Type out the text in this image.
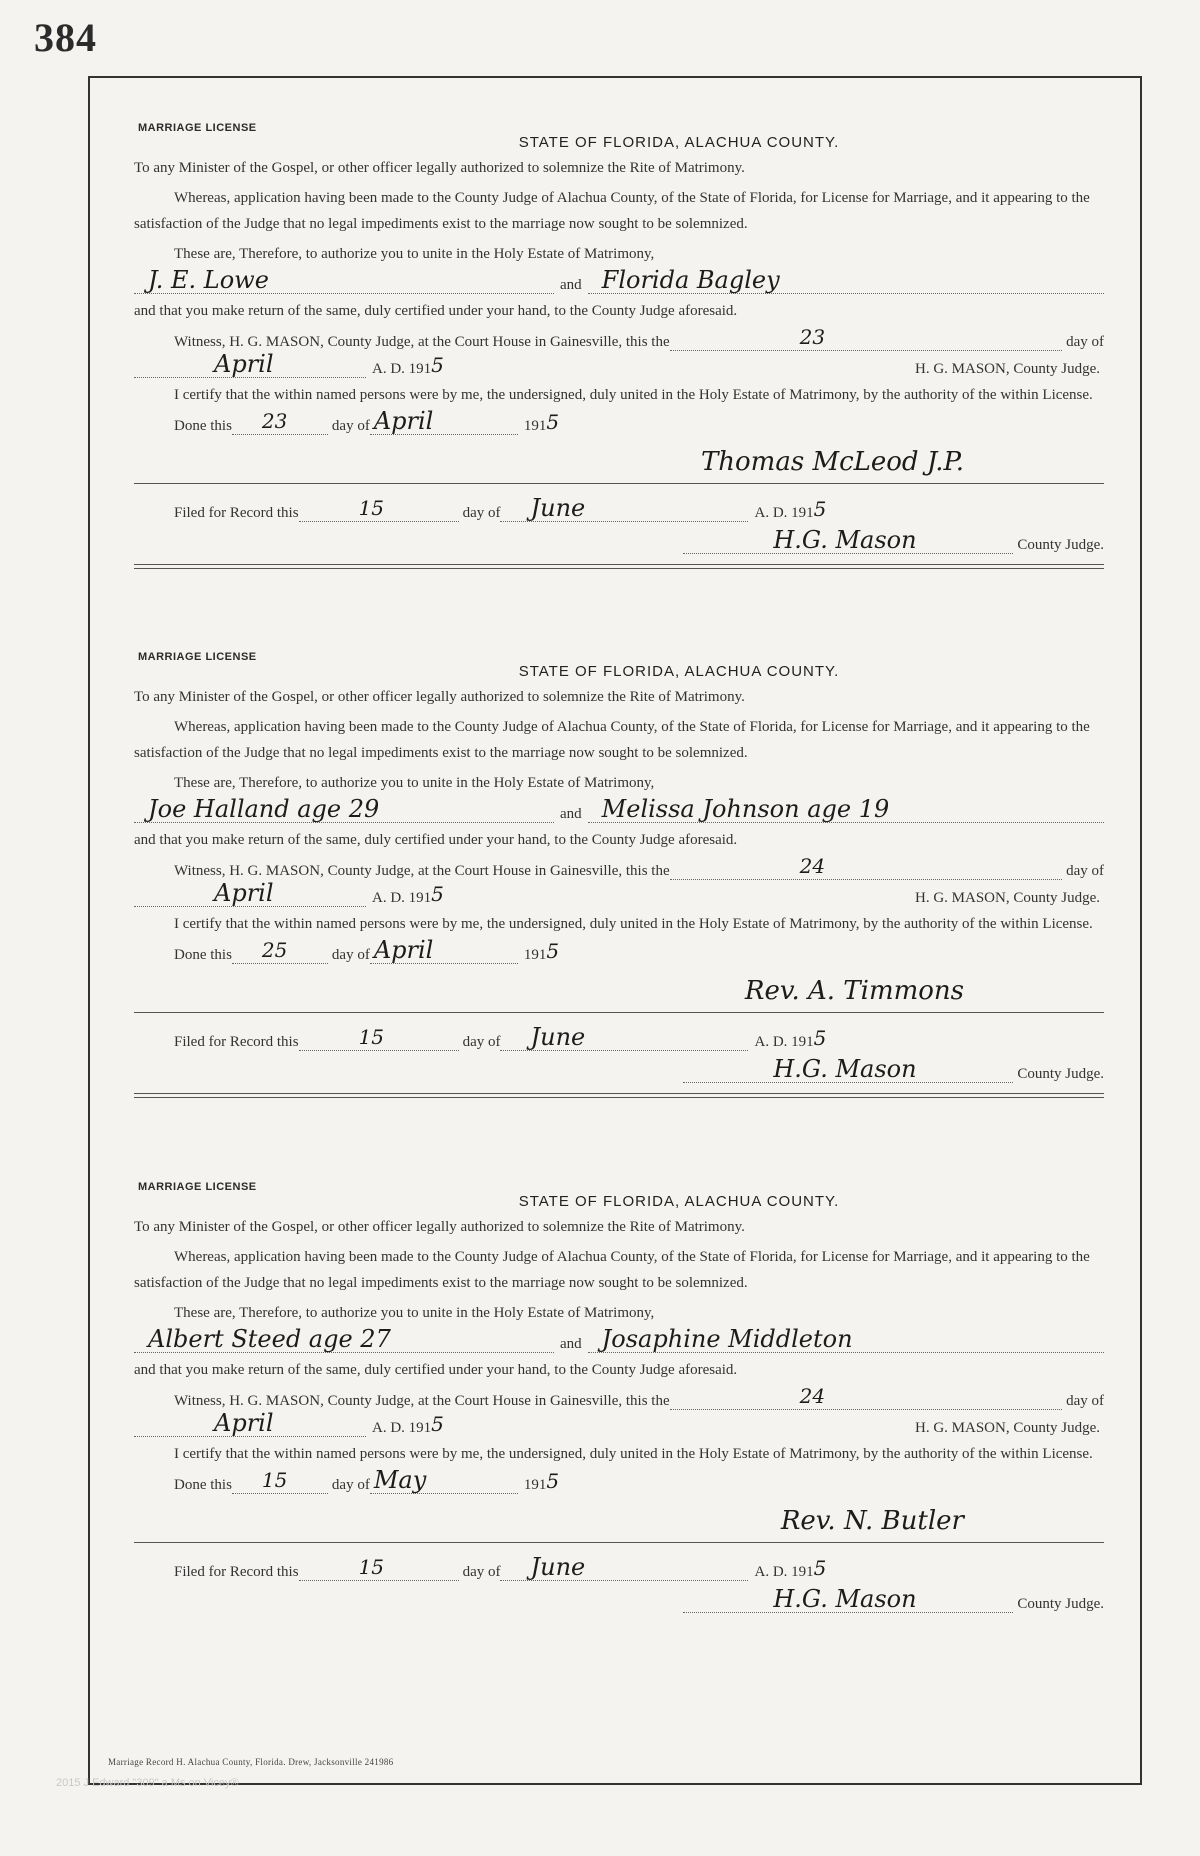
384
MARRIAGE LICENSE
STATE OF FLORIDA, ALACHUA COUNTY.
To any Minister of the Gospel, or other officer legally authorized to solemnize the Rite of Matrimony.
Whereas, application having been made to the County Judge of Alachua County, of the State of Florida, for License for Marriage, and it appearing to the satisfaction of the Judge that no legal impediments exist to the marriage now sought to be solemnized.
These are, Therefore, to authorize you to unite in the Holy Estate of Matrimony,
J. E. Lowe	and Florida Bagley
and that you make return of the same, duly certified under your hand, to the County Judge aforesaid.
Witness, H. G. MASON, County Judge, at the Court House in Gainesville, this the	23	day of
April	A. D. 191 5	H. G. MASON, County Judge.
I certify that the within named persons were by me, the undersigned, duly united in the Holy Estate of Matrimony, by the authority of the within License.
Done this	23	day of April	191 5
Thomas McLeod J.P.
Filed for Record this	15	day of	June	A. D. 191 5
H.G. Mason	County Judge.
MARRIAGE LICENSE
STATE OF FLORIDA, ALACHUA COUNTY.
To any Minister of the Gospel, or other officer legally authorized to solemnize the Rite of Matrimony.
Whereas, application having been made to the County Judge of Alachua County, of the State of Florida, for License for Marriage, and it appearing to the satisfaction of the Judge that no legal impediments exist to the marriage now sought to be solemnized.
These are, Therefore, to authorize you to unite in the Holy Estate of Matrimony,
Joe Halland age 29	and Melissa Johnson age 19
and that you make return of the same, duly certified under your hand, to the County Judge aforesaid.
Witness, H. G. MASON, County Judge, at the Court House in Gainesville, this the	24	day of
April	A. D. 191 5	H. G. MASON, County Judge.
I certify that the within named persons were by me, the undersigned, duly united in the Holy Estate of Matrimony, by the authority of the within License.
Done this	25	day of April	191 5
Rev. A. Timmons
Filed for Record this	15	day of	June	A. D. 191 5
H.G. Mason	County Judge.
MARRIAGE LICENSE
STATE OF FLORIDA, ALACHUA COUNTY.
To any Minister of the Gospel, or other officer legally authorized to solemnize the Rite of Matrimony.
Whereas, application having been made to the County Judge of Alachua County, of the State of Florida, for License for Marriage, and it appearing to the satisfaction of the Judge that no legal impediments exist to the marriage now sought to be solemnized.
These are, Therefore, to authorize you to unite in the Holy Estate of Matrimony,
Albert Steed age 27	and Josaphine Middleton
and that you make return of the same, duly certified under your hand, to the County Judge aforesaid.
Witness, H. G. MASON, County Judge, at the Court House in Gainesville, this the	24	day of
April	A. D. 191 5	H. G. MASON, County Judge.
I certify that the within named persons were by me, the undersigned, duly united in the Holy Estate of Matrimony, by the authority of the within License.
Done this	15	day of May	191 5
Rev. N. Butler
Filed for Record this	15	day of	June	A. D. 191 5
H.G. Mason	County Judge.
Marriage Record H. Alachua County, Florida. Drew, Jacksonville 241986
2015 J Edward "309" a Ms on Vicey®
